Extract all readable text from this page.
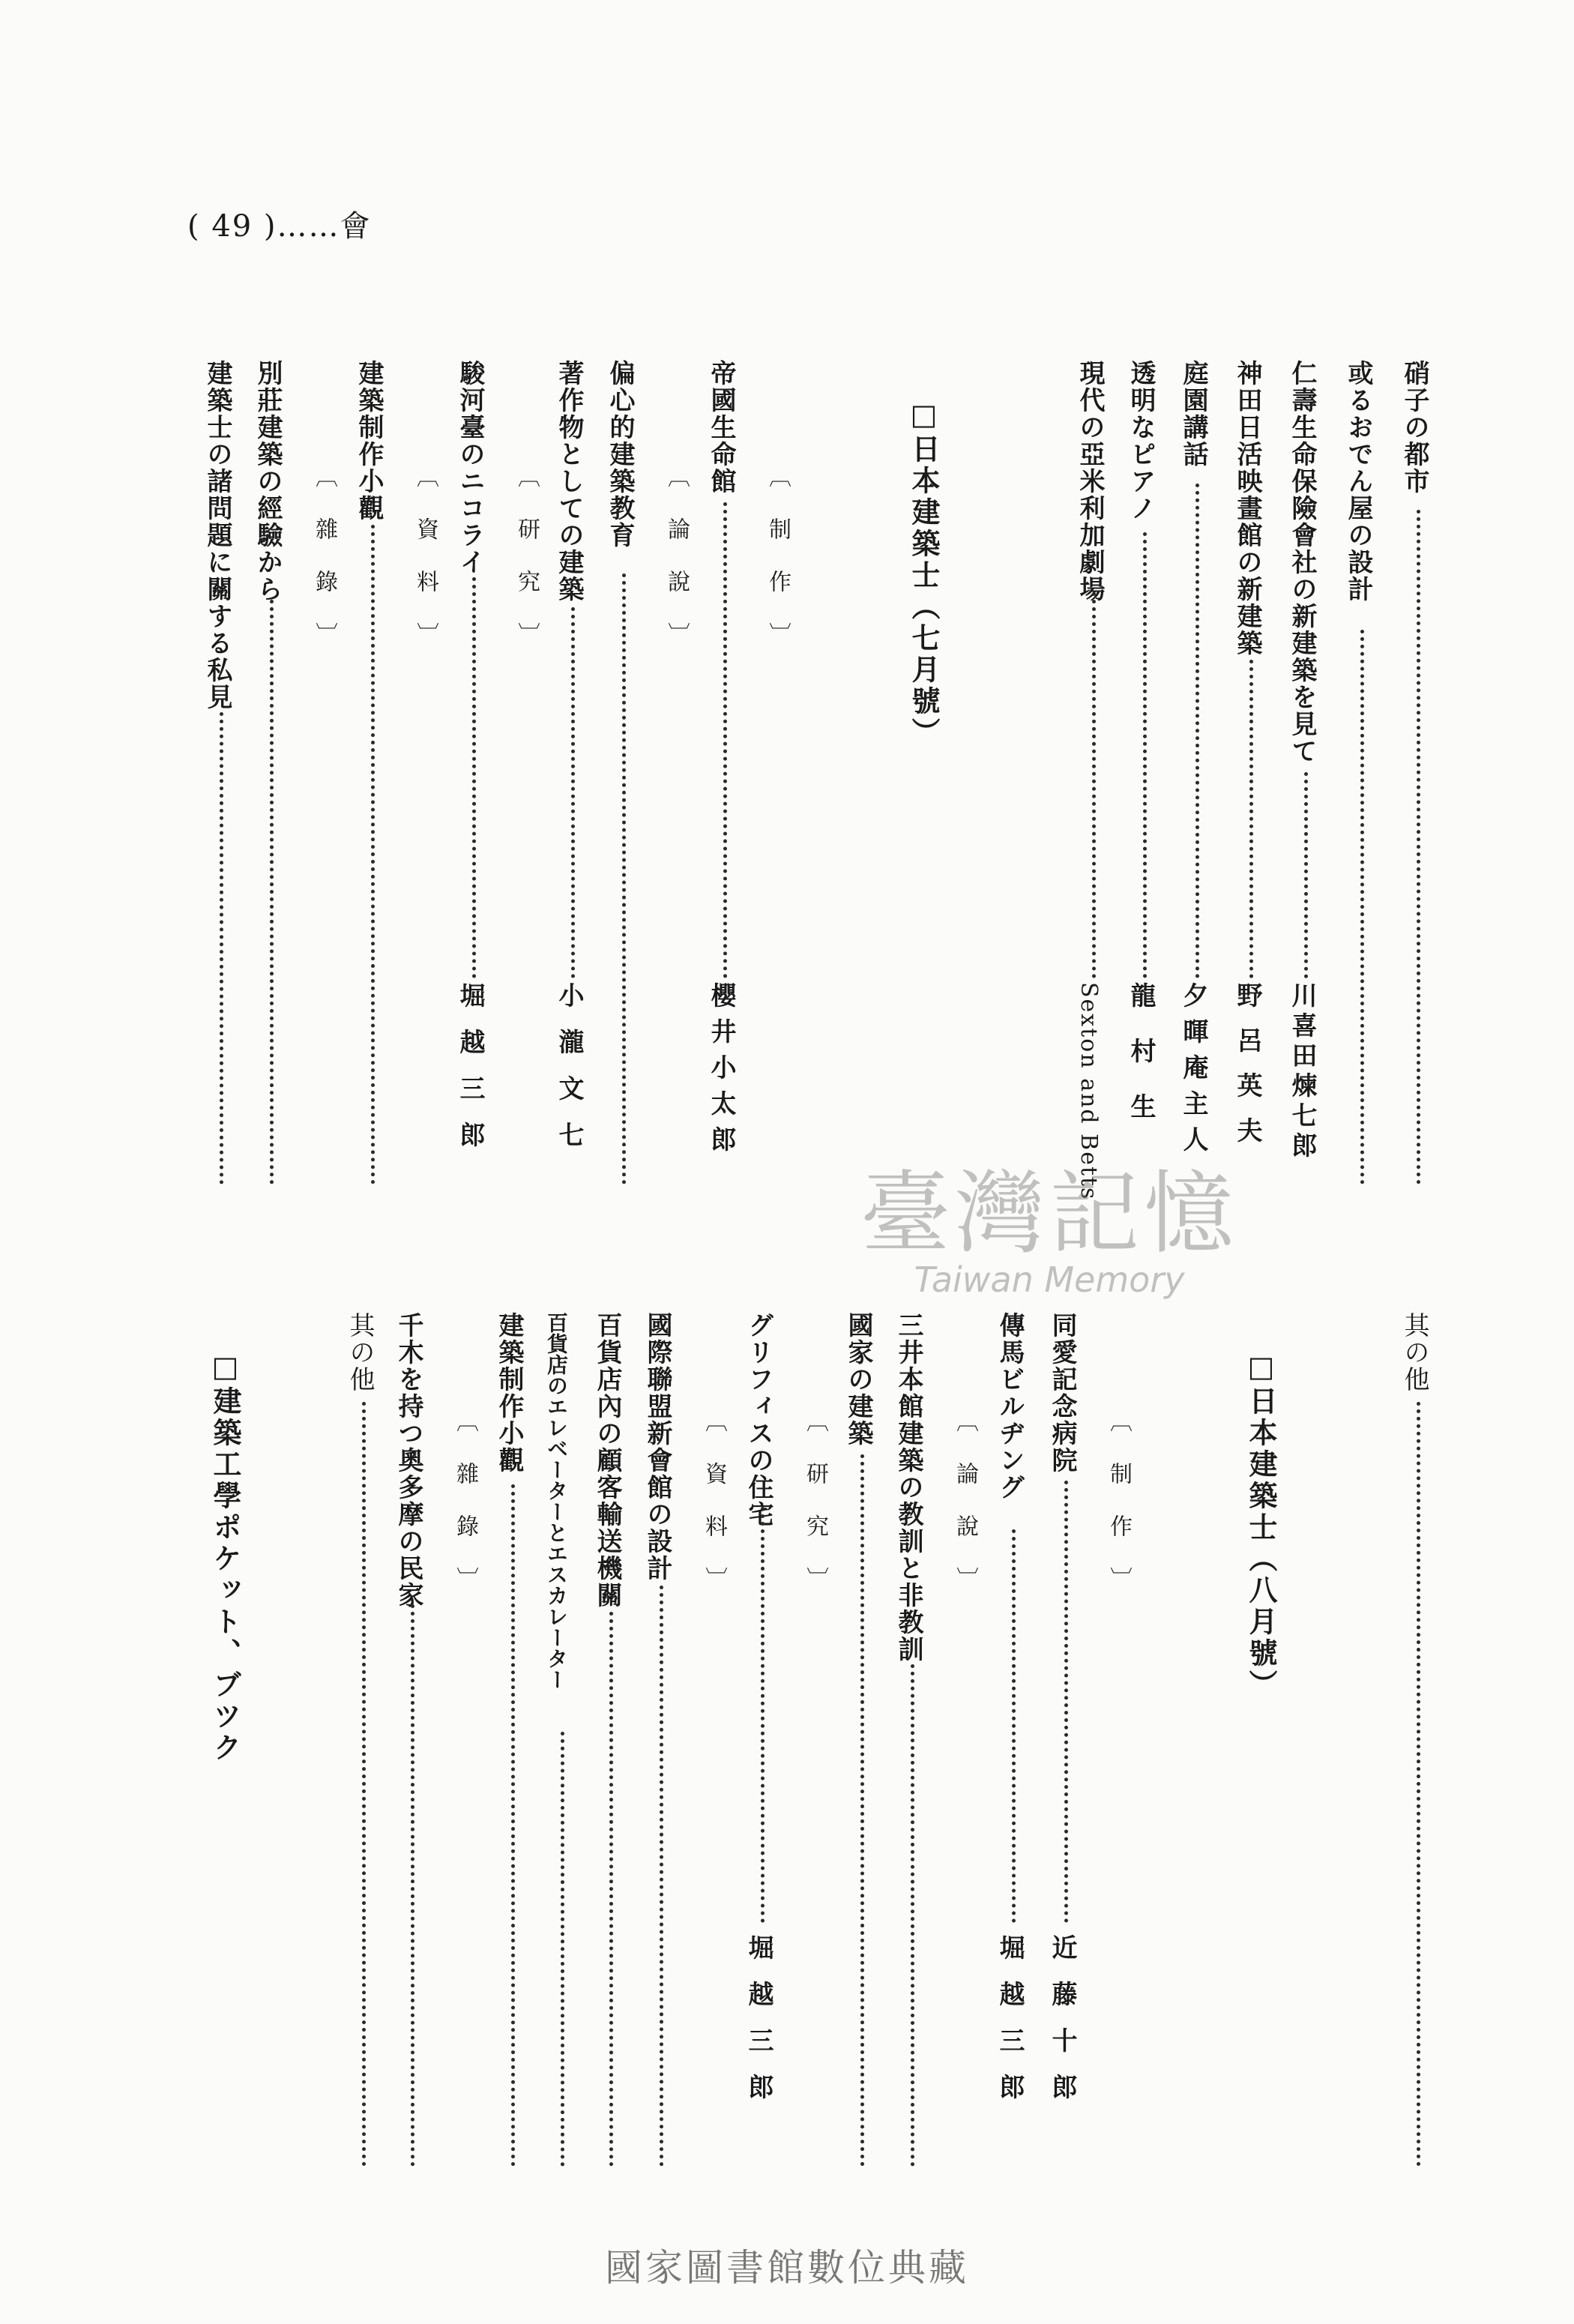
( 49 )……會
硝子の都市
或るおでん屋の設計
仁壽生命保險會社の新建築を見て
川喜田煉七郎
神田日活映畫館の新建築
野呂英夫
庭園講話
夕暉庵主人
透明なピアノ
龍村生
現代の亞米利加劇場
Sexton and Betts
□日本建築士（七月號）
〔制作〕
帝國生命館
櫻井小太郎
〔論說〕
偏心的建築教育
著作物としての建築
小瀧文七
〔研究〕
駿河臺のニコライ
堀越三郎
〔資料〕
建築制作小觀
〔雜錄〕
別莊建築の經驗から
建築士の諸問題に關する私見
其の他
□日本建築士（八月號）
〔制作〕
同愛記念病院
近藤十郎
傳馬ビルヂング
堀越三郎
〔論說〕
三井本館建築の教訓と非教訓
國家の建築
〔研究〕
グリフィスの住宅
堀越三郎
〔資料〕
國際聯盟新會館の設計
百貨店內の顧客輸送機關
百貨店のエレベーターとエスカレーター
建築制作小觀
〔雜錄〕
千木を持つ奧多摩の民家
其の他
□建築工學ポケット、ブツク
臺灣記憶
Taiwan Memory
國家圖書館數位典藏
